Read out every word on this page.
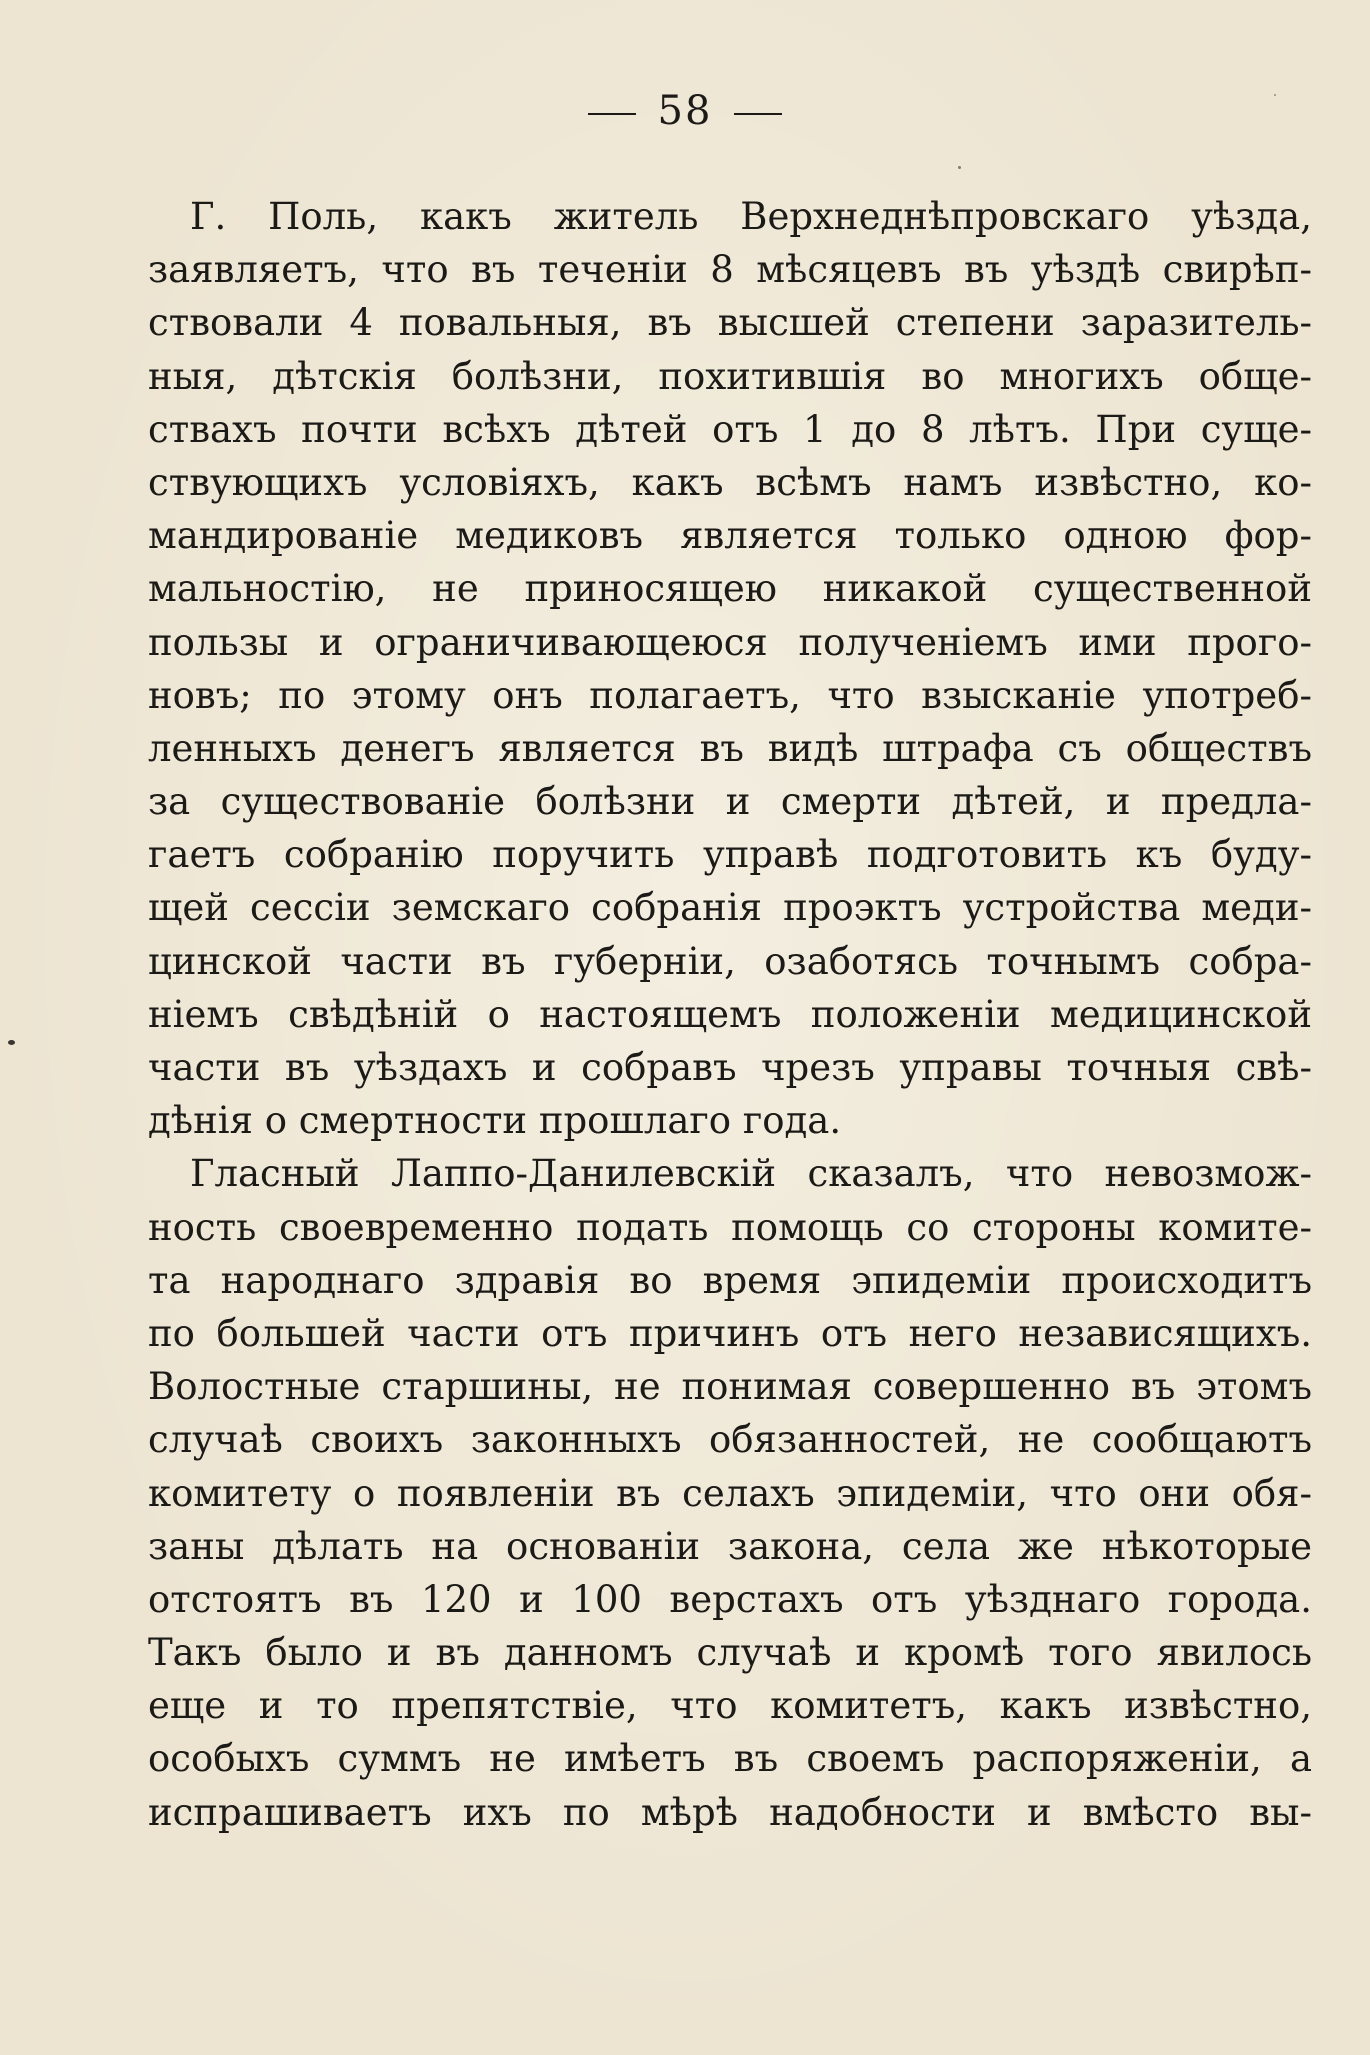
58
Г. Поль, какъ житель Верхнеднѣпровскаго уѣзда,
заявляетъ, что въ теченіи 8 мѣсяцевъ въ уѣздѣ свирѣп-
ствовали 4 повальныя, въ высшей степени заразитель-
ныя, дѣтскія болѣзни, похитившія во многихъ обще-
ствахъ почти всѣхъ дѣтей отъ 1 до 8 лѣтъ. При суще-
ствующихъ условіяхъ, какъ всѣмъ намъ извѣстно, ко-
мандированіе медиковъ является только одною фор-
мальностію, не приносящею никакой существенной
пользы и ограничивающеюся полученіемъ ими прого-
новъ; по этому онъ полагаетъ, что взысканіе употреб-
ленныхъ денегъ является въ видѣ штрафа съ обществъ
за существованіе болѣзни и смерти дѣтей, и предла-
гаетъ собранію поручить управѣ подготовить къ буду-
щей сессіи земскаго собранія проэктъ устройства меди-
цинской части въ губерніи, озаботясь точнымъ собра-
ніемъ свѣдѣній о настоящемъ положеніи медицинской
части въ уѣздахъ и собравъ чрезъ управы точныя свѣ-
дѣнія о смертности прошлаго года.
Гласный Лаппо-Данилевскій сказалъ, что невозмож-
ность своевременно подать помощь со стороны комите-
та народнаго здравія во время эпидеміи происходитъ
по большей части отъ причинъ отъ него независящихъ.
Волостные старшины, не понимая совершенно въ этомъ
случаѣ своихъ законныхъ обязанностей, не сообщаютъ
комитету о появленіи въ селахъ эпидеміи, что они обя-
заны дѣлать на основаніи закона, села же нѣкоторые
отстоятъ въ 120 и 100 верстахъ отъ уѣзднаго города.
Такъ было и въ данномъ случаѣ и кромѣ того явилось
еще и то препятствіе, что комитетъ, какъ извѣстно,
особыхъ суммъ не имѣетъ въ своемъ распоряженіи, а
испрашиваетъ ихъ по мѣрѣ надобности и вмѣсто вы-
